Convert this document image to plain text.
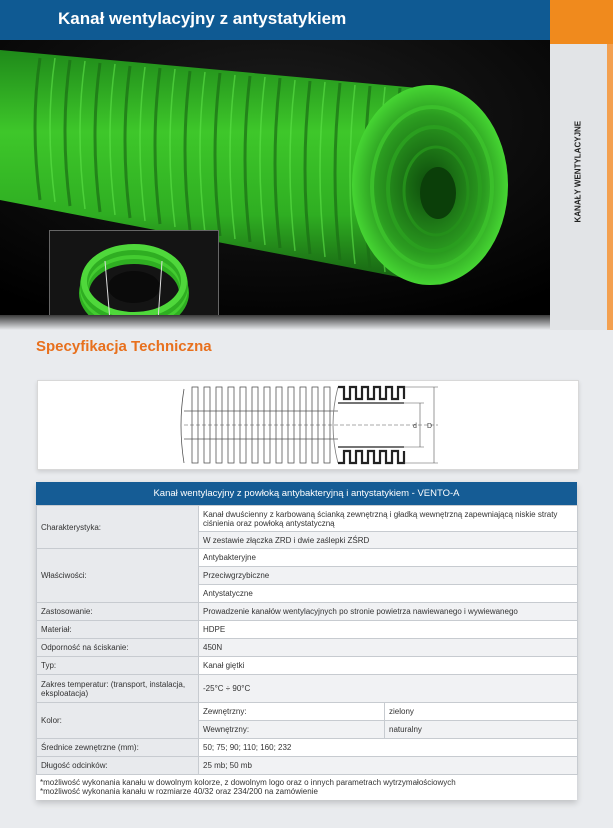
Kanał wentylacyjny z antystatykiem
KANAŁY WENTYLACYJNE
Specyfikacja Techniczna
d D
Kanał wentylacyjny z powłoką antybakteryjną i antystatykiem - VENTO-A
Charakterystyka:	Kanał dwuścienny z karbowaną ścianką zewnętrzną i gładką wewnętrzną zapewniającą niskie straty ciśnienia oraz powłoką antystatyczną	
	W zestawie złączka ZRD i dwie zaślepki ZŚRD	
Właściwości:	Antybakteryjne	
	Przeciwgrzybiczne	
	Antystatyczne	
Zastosowanie:	Prowadzenie kanałów wentylacyjnych po stronie powietrza nawiewanego i wywiewanego	
Materiał:	HDPE	
Odporność na ściskanie:	450N	
Typ:	Kanał giętki	
Zakres temperatur: (transport, instalacja, eksploatacja)	-25°C ÷ 90°C	
Kolor:	Zewnętrzny:	zielony
	Wewnętrzny:	naturalny
Średnice zewnętrzne (mm):	50; 75; 90; 110; 160; 232	
Długość odcinków:	25 mb; 50 mb	
*możliwość wykonania kanału w dowolnym kolorze, z dowolnym logo oraz o innych parametrach wytrzymałościowych
*możliwość wykonania kanału w rozmiarze 40/32 oraz 234/200 na zamówienie
